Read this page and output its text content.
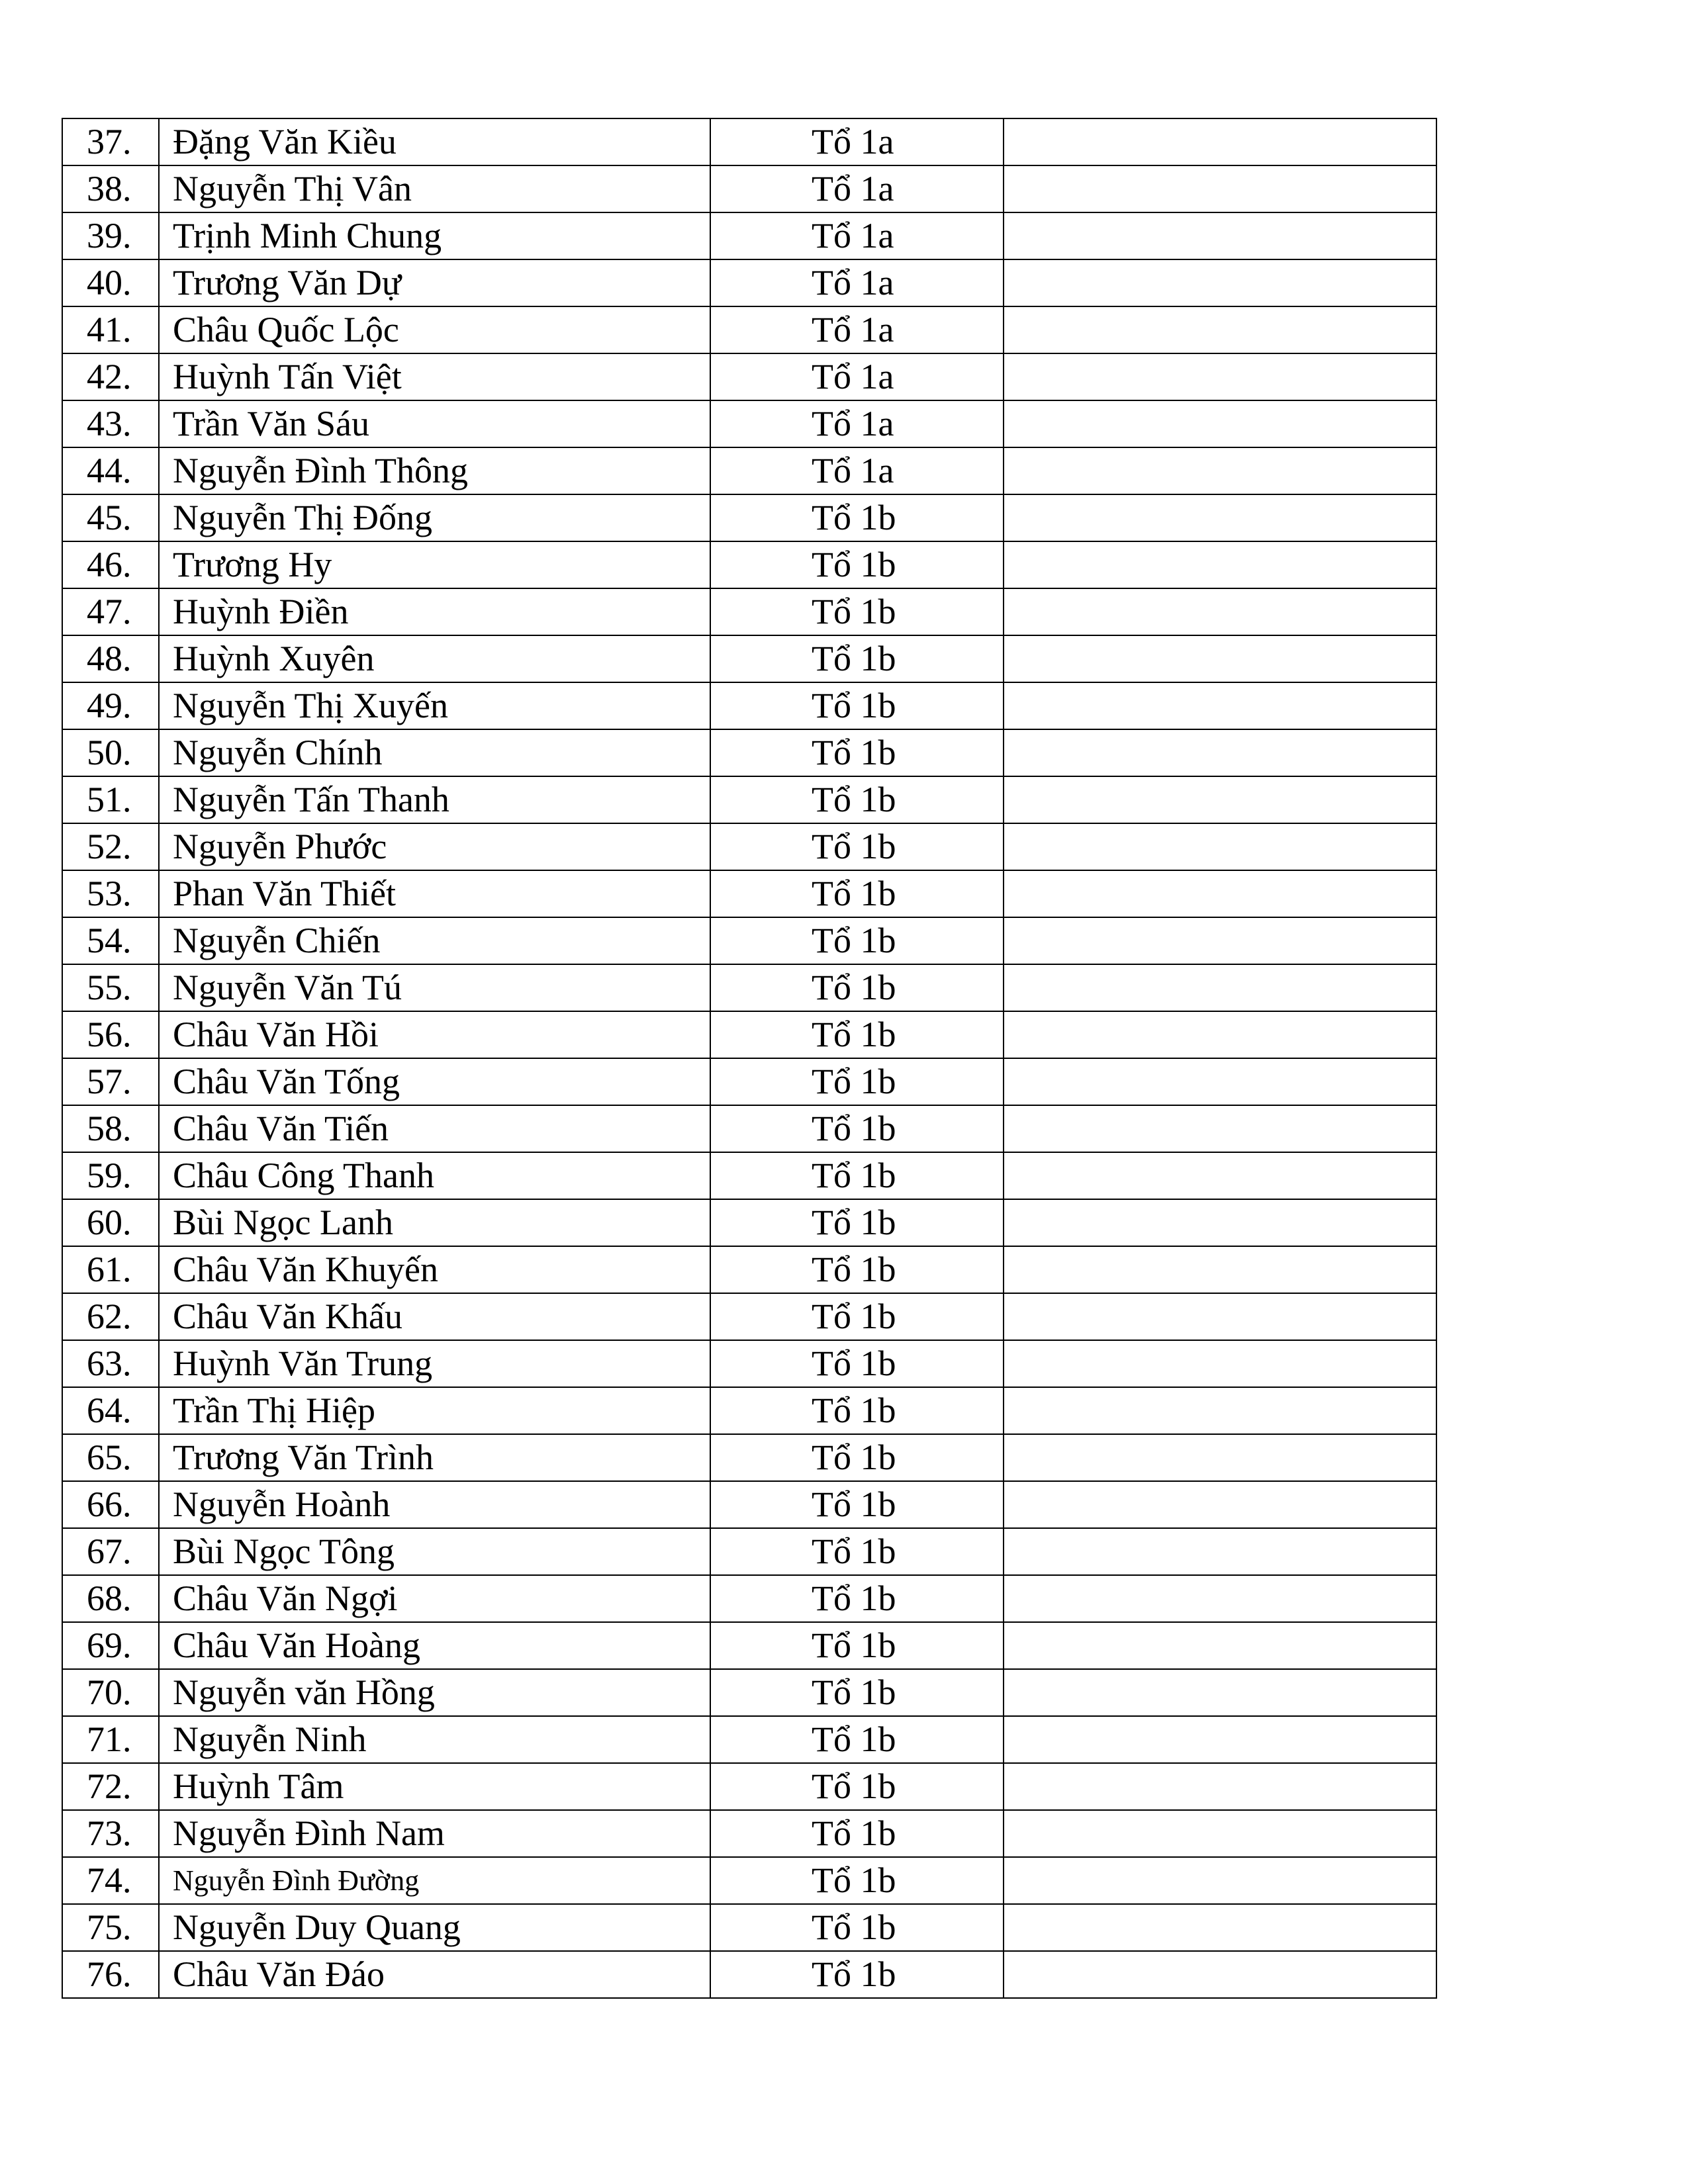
37.	Đặng Văn Kiều	Tổ 1a	
38.	Nguyễn Thị Vân	Tổ 1a	
39.	Trịnh Minh Chung	Tổ 1a	
40.	Trương Văn Dự	Tổ 1a	
41.	Châu Quốc Lộc	Tổ 1a	
42.	Huỳnh Tấn Việt	Tổ 1a	
43.	Trần Văn Sáu	Tổ 1a	
44.	Nguyễn Đình Thông	Tổ 1a	
45.	Nguyễn Thị Đống	Tổ 1b	
46.	Trương Hy	Tổ 1b	
47.	Huỳnh Điền	Tổ 1b	
48.	Huỳnh Xuyên	Tổ 1b	
49.	Nguyễn Thị Xuyến	Tổ 1b	
50.	Nguyễn Chính	Tổ 1b	
51.	Nguyễn Tấn Thanh	Tổ 1b	
52.	Nguyễn Phước	Tổ 1b	
53.	Phan Văn Thiết	Tổ 1b	
54.	Nguyễn Chiến	Tổ 1b	
55.	Nguyễn Văn Tú	Tổ 1b	
56.	Châu Văn Hồi	Tổ 1b	
57.	Châu Văn Tống	Tổ 1b	
58.	Châu Văn Tiến	Tổ 1b	
59.	Châu Công Thanh	Tổ 1b	
60.	Bùi Ngọc Lanh	Tổ 1b	
61.	Châu Văn Khuyến	Tổ 1b	
62.	Châu Văn Khấu	Tổ 1b	
63.	Huỳnh Văn Trung	Tổ 1b	
64.	Trần Thị Hiệp	Tổ 1b	
65.	Trương Văn Trình	Tổ 1b	
66.	Nguyễn Hoành	Tổ 1b	
67.	Bùi Ngọc Tông	Tổ 1b	
68.	Châu Văn Ngợi	Tổ 1b	
69.	Châu Văn Hoàng	Tổ 1b	
70.	Nguyễn văn Hồng	Tổ 1b	
71.	Nguyễn Ninh	Tổ 1b	
72.	Huỳnh Tâm	Tổ 1b	
73.	Nguyễn Đình Nam	Tổ 1b	
74.	Nguyễn Đình Đường	Tổ 1b	
75.	Nguyễn Duy Quang	Tổ 1b	
76.	Châu Văn Đáo	Tổ 1b	
